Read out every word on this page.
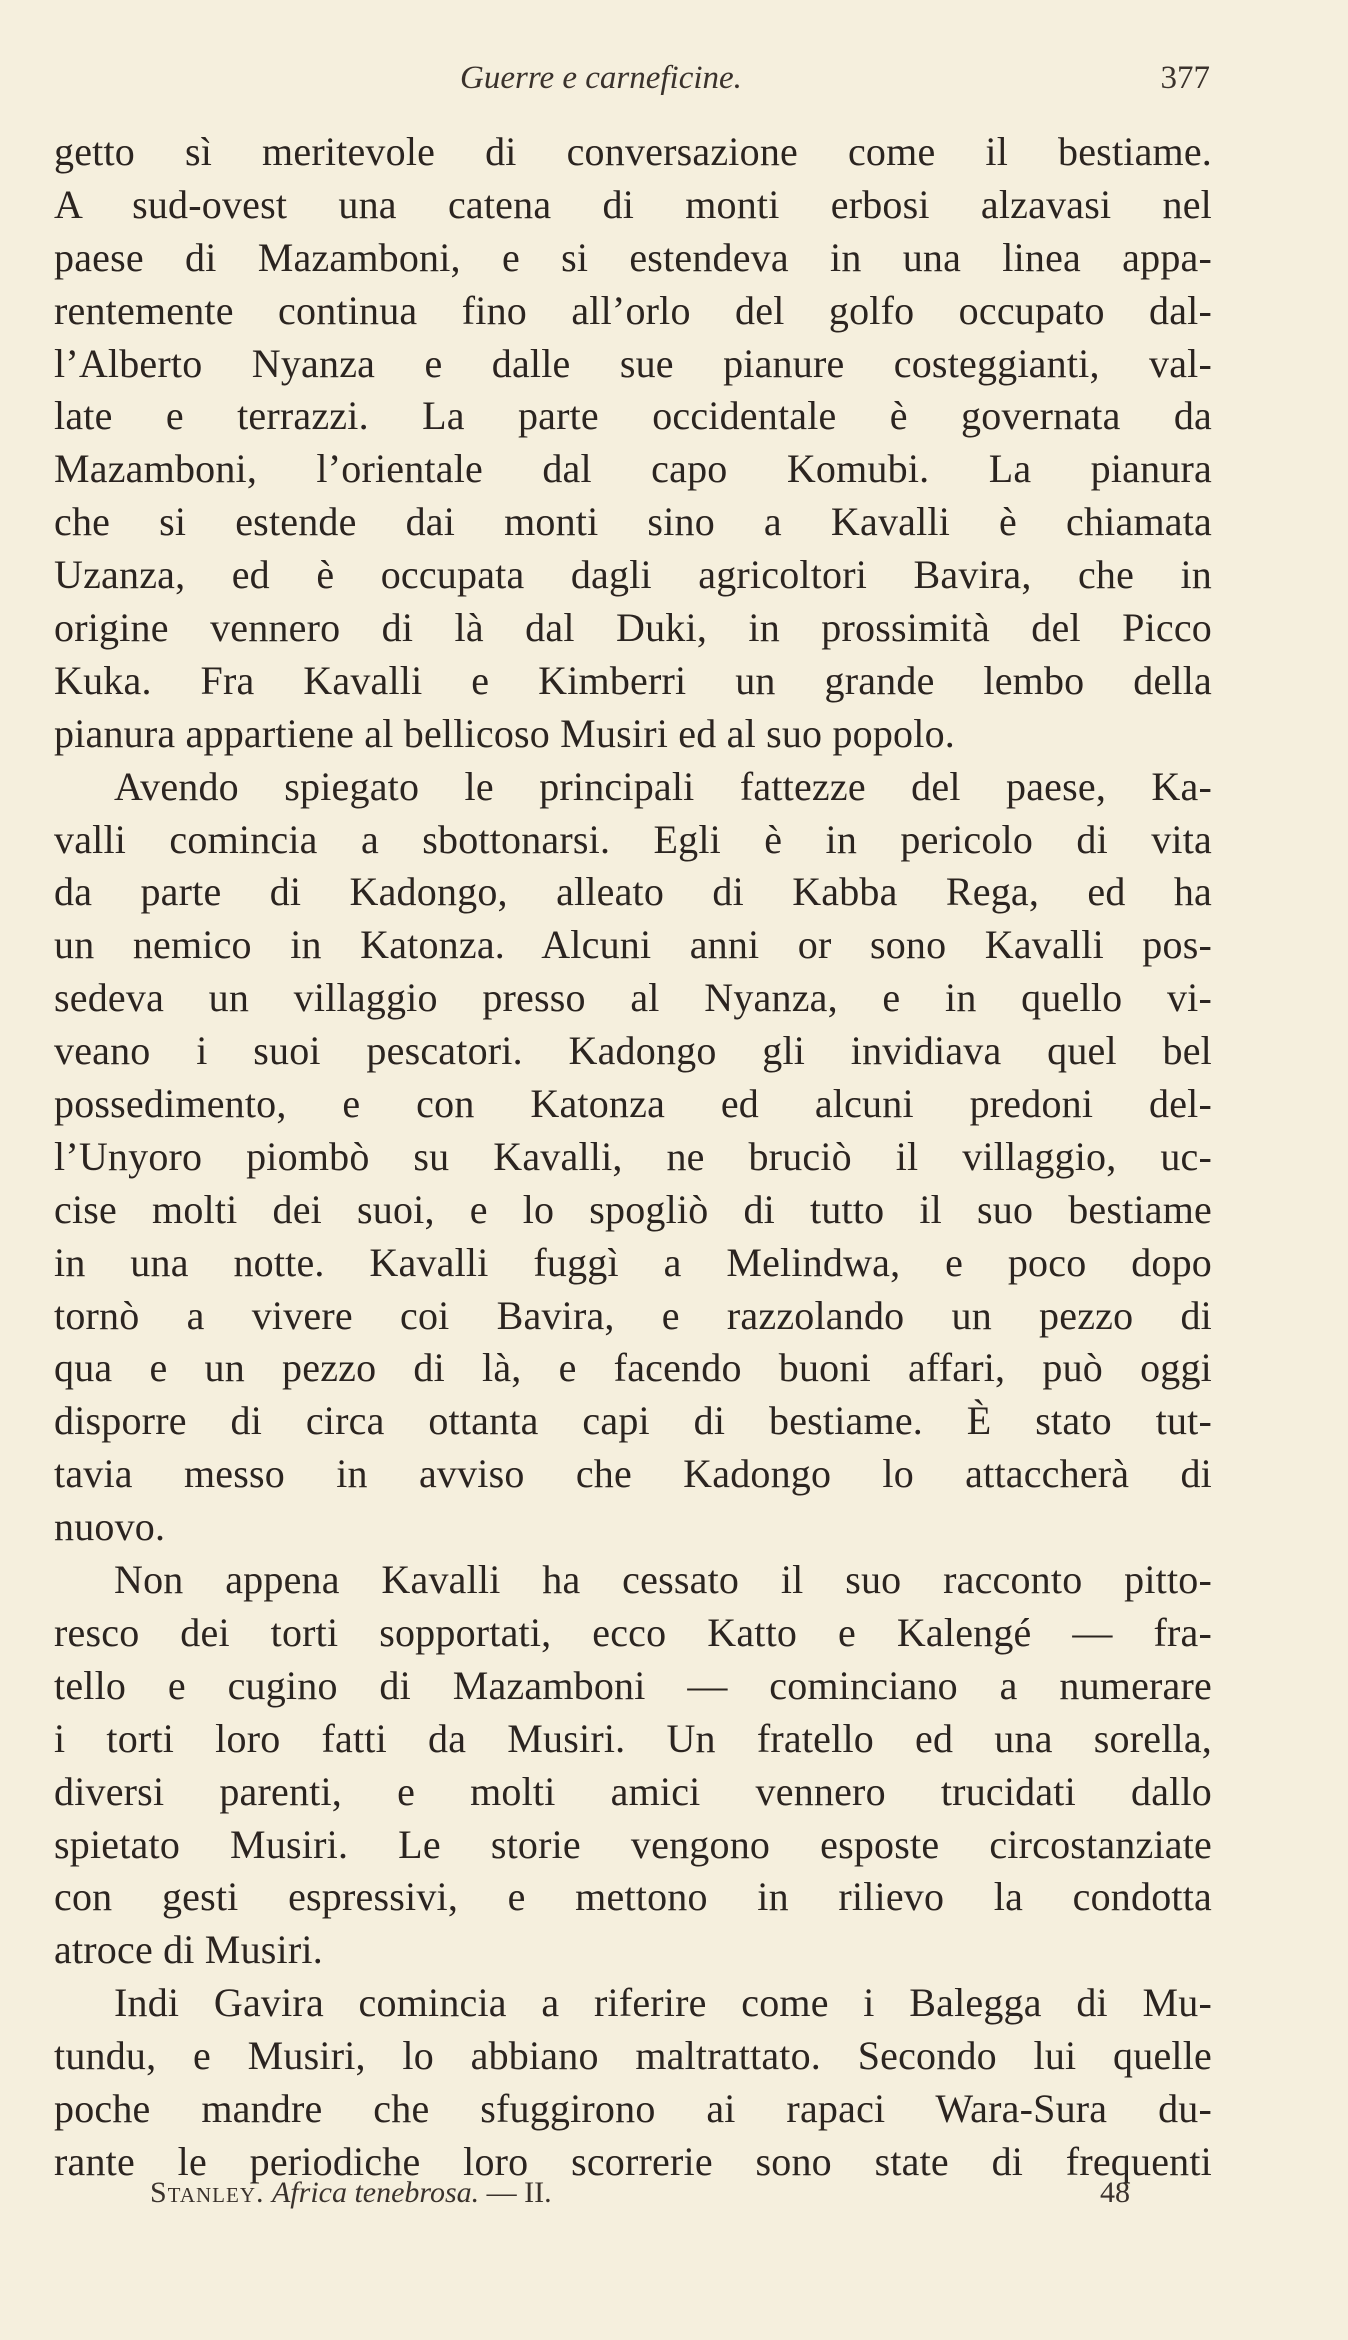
Guerre e carneficine.	377
getto sì meritevole di conversazione come il bestiame.
A sud-ovest una catena di monti erbosi alzavasi nel
paese di Mazamboni, e si estendeva in una linea appa-
rentemente continua fino all’orlo del golfo occupato dal-
l’Alberto Nyanza e dalle sue pianure costeggianti, val-
late e terrazzi. La parte occidentale è governata da
Mazamboni, l’orientale dal capo Komubi. La pianura
che si estende dai monti sino a Kavalli è chiamata
Uzanza, ed è occupata dagli agricoltori Bavira, che in
origine vennero di là dal Duki, in prossimità del Picco
Kuka. Fra Kavalli e Kimberri un grande lembo della
pianura appartiene al bellicoso Musiri ed al suo popolo.
Avendo spiegato le principali fattezze del paese, Ka-
valli comincia a sbottonarsi. Egli è in pericolo di vita
da parte di Kadongo, alleato di Kabba Rega, ed ha
un nemico in Katonza. Alcuni anni or sono Kavalli pos-
sedeva un villaggio presso al Nyanza, e in quello vi-
veano i suoi pescatori. Kadongo gli invidiava quel bel
possedimento, e con Katonza ed alcuni predoni del-
l’Unyoro piombò su Kavalli, ne bruciò il villaggio, uc-
cise molti dei suoi, e lo spogliò di tutto il suo bestiame
in una notte. Kavalli fuggì a Melindwa, e poco dopo
tornò a vivere coi Bavira, e razzolando un pezzo di
qua e un pezzo di là, e facendo buoni affari, può oggi
disporre di circa ottanta capi di bestiame. È stato tut-
tavia messo in avviso che Kadongo lo attaccherà di
nuovo.
Non appena Kavalli ha cessato il suo racconto pitto-
resco dei torti sopportati, ecco Katto e Kalengé — fra-
tello e cugino di Mazamboni — cominciano a numerare
i torti loro fatti da Musiri. Un fratello ed una sorella,
diversi parenti, e molti amici vennero trucidati dallo
spietato Musiri. Le storie vengono esposte circostanziate
con gesti espressivi, e mettono in rilievo la condotta
atroce di Musiri.
Indi Gavira comincia a riferire come i Balegga di Mu-
tundu, e Musiri, lo abbiano maltrattato. Secondo lui quelle
poche mandre che sfuggirono ai rapaci Wara-Sura du-
rante le periodiche loro scorrerie sono state di frequenti
Stanley. Africa tenebrosa. — II.	48
